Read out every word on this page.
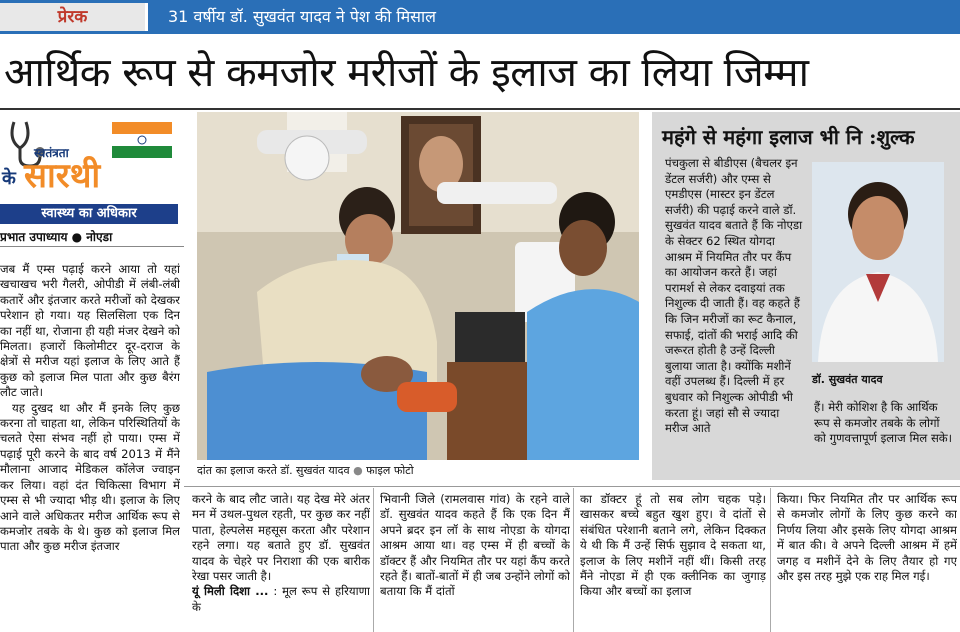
प्रेरक	31 वर्षीय डॉ. सुखवंत यादव ने पेश की मिसाल
आर्थिक रूप से कमजोर मरीजों के इलाज का लिया जिम्मा
स्वतंत्रता
के सारथी
स्वास्थ्य का अधिकार
प्रभात उपाध्याय ● नोएडा

जब मैं एम्स पढ़ाई करने आया तो यहां खचाखच भरी गैलरी, ओपीडी में लंबी-लंबी कतारें और इंतजार करते मरीजों को देखकर परेशान हो गया। यह सिलसिला एक दिन का नहीं था, रोजाना ही यही मंजर देखने को मिलता। हजारों किलोमीटर दूर-दराज के क्षेत्रों से मरीज यहां इलाज के लिए आते हैं कुछ को इलाज मिल पाता और कुछ बैरंग लौट जाते।

यह दुखद था और मैं इनके लिए कुछ करना तो चाहता था, लेकिन परिस्थितियों के चलते ऐसा संभव नहीं हो पाया। एम्स में पढ़ाई पूरी करने के बाद वर्ष 2013 में मैंने मौलाना आजाद मेडिकल कॉलेज ज्वाइन कर लिया। वहां दंत चिकित्सा विभाग में एम्स से भी ज्यादा भीड़ थी। इलाज के लिए आने वाले अधिकतर मरीज आर्थिक रूप से कमजोर तबके के थे। कुछ को इलाज मिल पाता और कुछ मरीज इंतजार

दांत का इलाज करते डॉ. सुखवंत यादव ● फाइल फोटो
महंगे से महंगा इलाज भी नि :शुल्क
पंचकुला से बीडीएस (बैचलर इन डेंटल सर्जरी) और एम्स से एमडीएस (मास्टर इन डेंटल सर्जरी) की पढ़ाई करने वाले डॉ. सुखवंत यादव बताते हैं कि नोएडा के सेक्टर 62 स्थित योगदा आश्रम में नियमित तौर पर कैंप का आयोजन करते हैं। जहां परामर्श से लेकर दवाइयां तक निशुल्क दी जाती हैं। वह कहते हैं कि जिन मरीजों का रूट कैनाल, सफाई, दांतों की भराई आदि की जरूरत होती है उन्हें दिल्ली बुलाया जाता है। क्योंकि मशीनें वहीं उपलब्ध हैं। दिल्ली में हर बुधवार को निशुल्क ओपीडी भी करता हूं। जहां सौ से ज्यादा मरीज आते
डॉ. सुखवंत यादव
हैं। मेरी कोशिश है कि आर्थिक रूप से कमजोर तबके के लोगों को गुणवत्तापूर्ण इलाज मिल सके।

करने के बाद लौट जाते। यह देख मेरे अंतर मन में उथल-पुथल रहती, पर कुछ कर नहीं पाता, हेल्पलेस महसूस करता और परेशान रहने लगा। यह बताते हुए डॉ. सुखवंत यादव के चेहरे पर निराशा की एक बारीक रेखा पसर जाती है।

यूं मिली दिशा ... : मूल रूप से हरियाणा के

भिवानी जिले (रामलवास गांव) के रहने वाले डॉ. सुखवंत यादव कहते हैं कि एक दिन मैं अपने ब्रदर इन लॉ के साथ नोएडा के योगदा आश्रम आया था। वह एम्स में ही बच्चों के डॉक्टर हैं और नियमित तौर पर यहां कैंप करते रहते हैं। बातों-बातों में ही जब उन्होंने लोगों को बताया कि मैं दांतों

का डॉक्टर हूं तो सब लोग चहक पड़े। खासकर बच्चे बहुत खुश हुए। वे दांतों से संबंधित परेशानी बताने लगे, लेकिन दिक्कत ये थी कि मैं उन्हें सिर्फ सुझाव दे सकता था, इलाज के लिए मशीनें नहीं थीं। किसी तरह मैंने नोएडा में ही एक क्लीनिक का जुगाड़ किया और बच्चों का इलाज

किया। फिर नियमित तौर पर आर्थिक रूप से कमजोर लोगों के लिए कुछ करने का निर्णय लिया और इसके लिए योगदा आश्रम में बात की। वे अपने दिल्ली आश्रम में हमें जगह व मशीनें देने के लिए तैयार हो गए और इस तरह मुझे एक राह मिल गई।
